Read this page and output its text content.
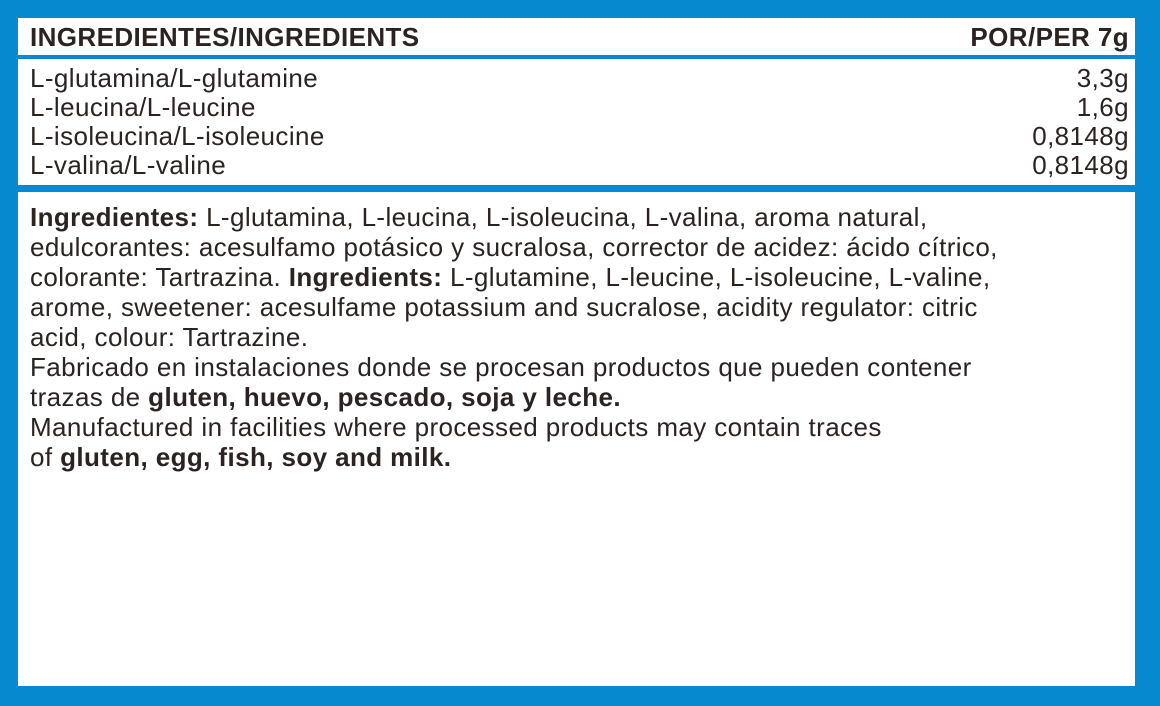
INGREDIENTES/INGREDIENTS	POR/PER 7g
L-glutamina/L-glutamine	3,3g
L-leucina/L-leucine	1,6g
L-isoleucina/L-isoleucine	0,8148g
L-valina/L-valine	0,8148g
Ingredientes: L-glutamina, L-leucina, L-isoleucina, L-valina, aroma natural,
edulcorantes: acesulfamo potásico y sucralosa, corrector de acidez: ácido cítrico,
colorante: Tartrazina. Ingredients: L-glutamine, L-leucine, L-isoleucine, L-valine,
arome, sweetener: acesulfame potassium and sucralose, acidity regulator: citric
acid, colour: Tartrazine.
Fabricado en instalaciones donde se procesan productos que pueden contener
trazas de gluten, huevo, pescado, soja y leche.
Manufactured in facilities where processed products may contain traces
of gluten, egg, fish, soy and milk.
